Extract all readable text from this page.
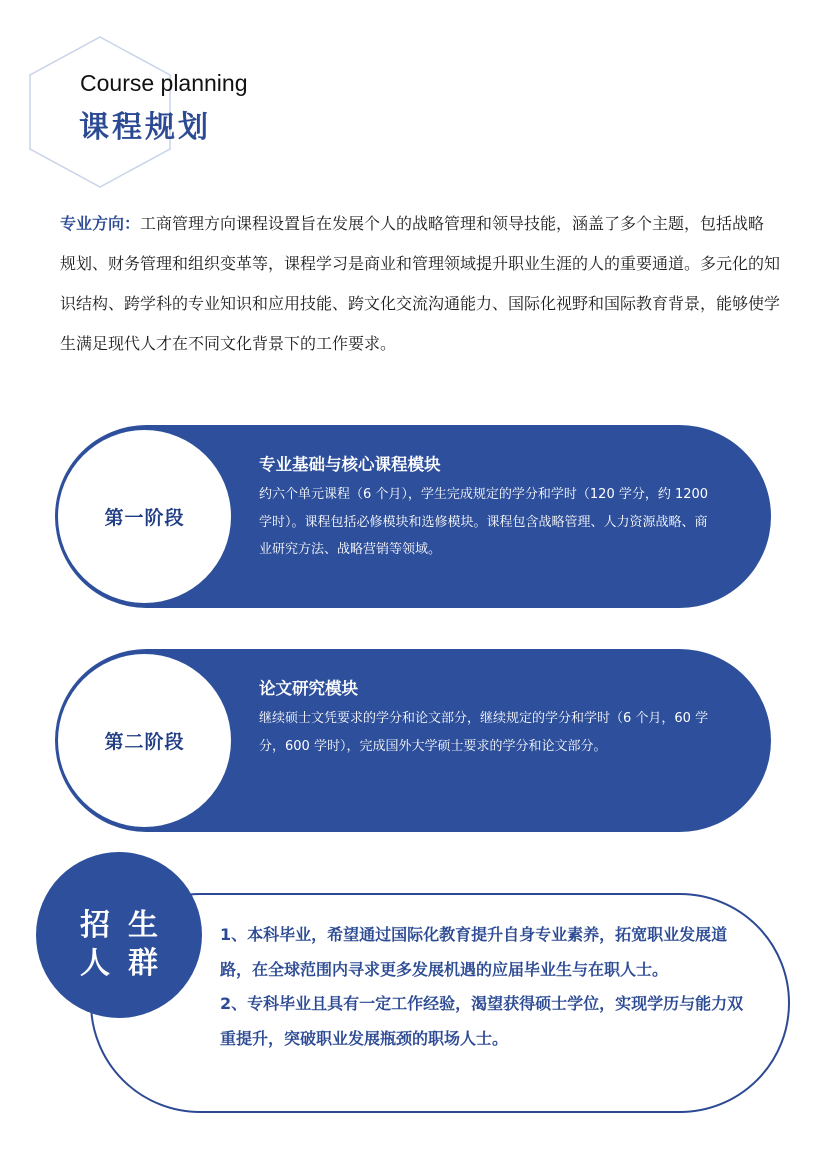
Course planning
课程规划
专业方向：工商管理方向课程设置旨在发展个人的战略管理和领导技能，涵盖了多个主题，包括战略规划、财务管理和组织变革等，课程学习是商业和管理领域提升职业生涯的人的重要通道。多元化的知识结构、跨学科的专业知识和应用技能、跨文化交流沟通能力、国际化视野和国际教育背景，能够使学生满足现代人才在不同文化背景下的工作要求。
第一阶段
专业基础与核心课程模块
约六个单元课程（6 个月），学生完成规定的学分和学时（120 学分，约 1200 学时）。课程包括必修模块和选修模块。课程包含战略管理、人力资源战略、商业研究方法、战略营销等领域。
第二阶段
论文研究模块
继续硕士文凭要求的学分和论文部分，继续规定的学分和学时（6 个月，60 学分，600 学时），完成国外大学硕士要求的学分和论文部分。
招生
人群
1、本科毕业，希望通过国际化教育提升自身专业素养，拓宽职业发展道路，在全球范围内寻求更多发展机遇的应届毕业生与在职人士。
2、专科毕业且具有一定工作经验，渴望获得硕士学位，实现学历与能力双重提升，突破职业发展瓶颈的职场人士。
